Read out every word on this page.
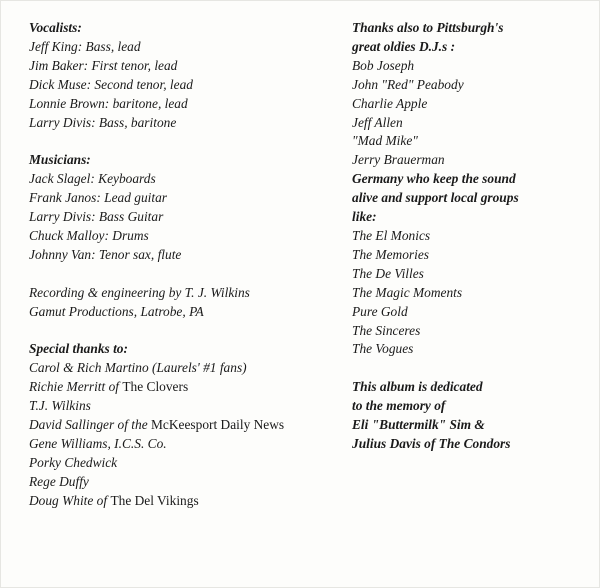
Vocalists:
Jeff King: Bass, lead
Jim Baker: First tenor, lead
Dick Muse: Second tenor, lead
Lonnie Brown: baritone, lead
Larry Divis: Bass, baritone
Musicians:
Jack Slagel: Keyboards
Frank Janos: Lead guitar
Larry Divis: Bass Guitar
Chuck Malloy: Drums
Johnny Van: Tenor sax, flute
Recording & engineering by T. J. Wilkins
Gamut Productions, Latrobe, PA
Special thanks to:
Carol & Rich Martino (Laurels' #1 fans)
Richie Merritt of The Clovers
T.J. Wilkins
David Sallinger of the McKeesport Daily News
Gene Williams, I.C.S. Co.
Porky Chedwick
Rege Duffy
Doug White of The Del Vikings
Thanks also to Pittsburgh's
great oldies D.J.s :
Bob Joseph
John "Red" Peabody
Charlie Apple
Jeff Allen
"Mad Mike"
Jerry Brauerman
Germany who keep the sound
alive and support local groups
like:
The El Monics
The Memories
The De Villes
The Magic Moments
Pure Gold
The Sinceres
The Vogues
This album is dedicated
to the memory of
Eli "Buttermilk" Sim &
Julius Davis of The Condors
